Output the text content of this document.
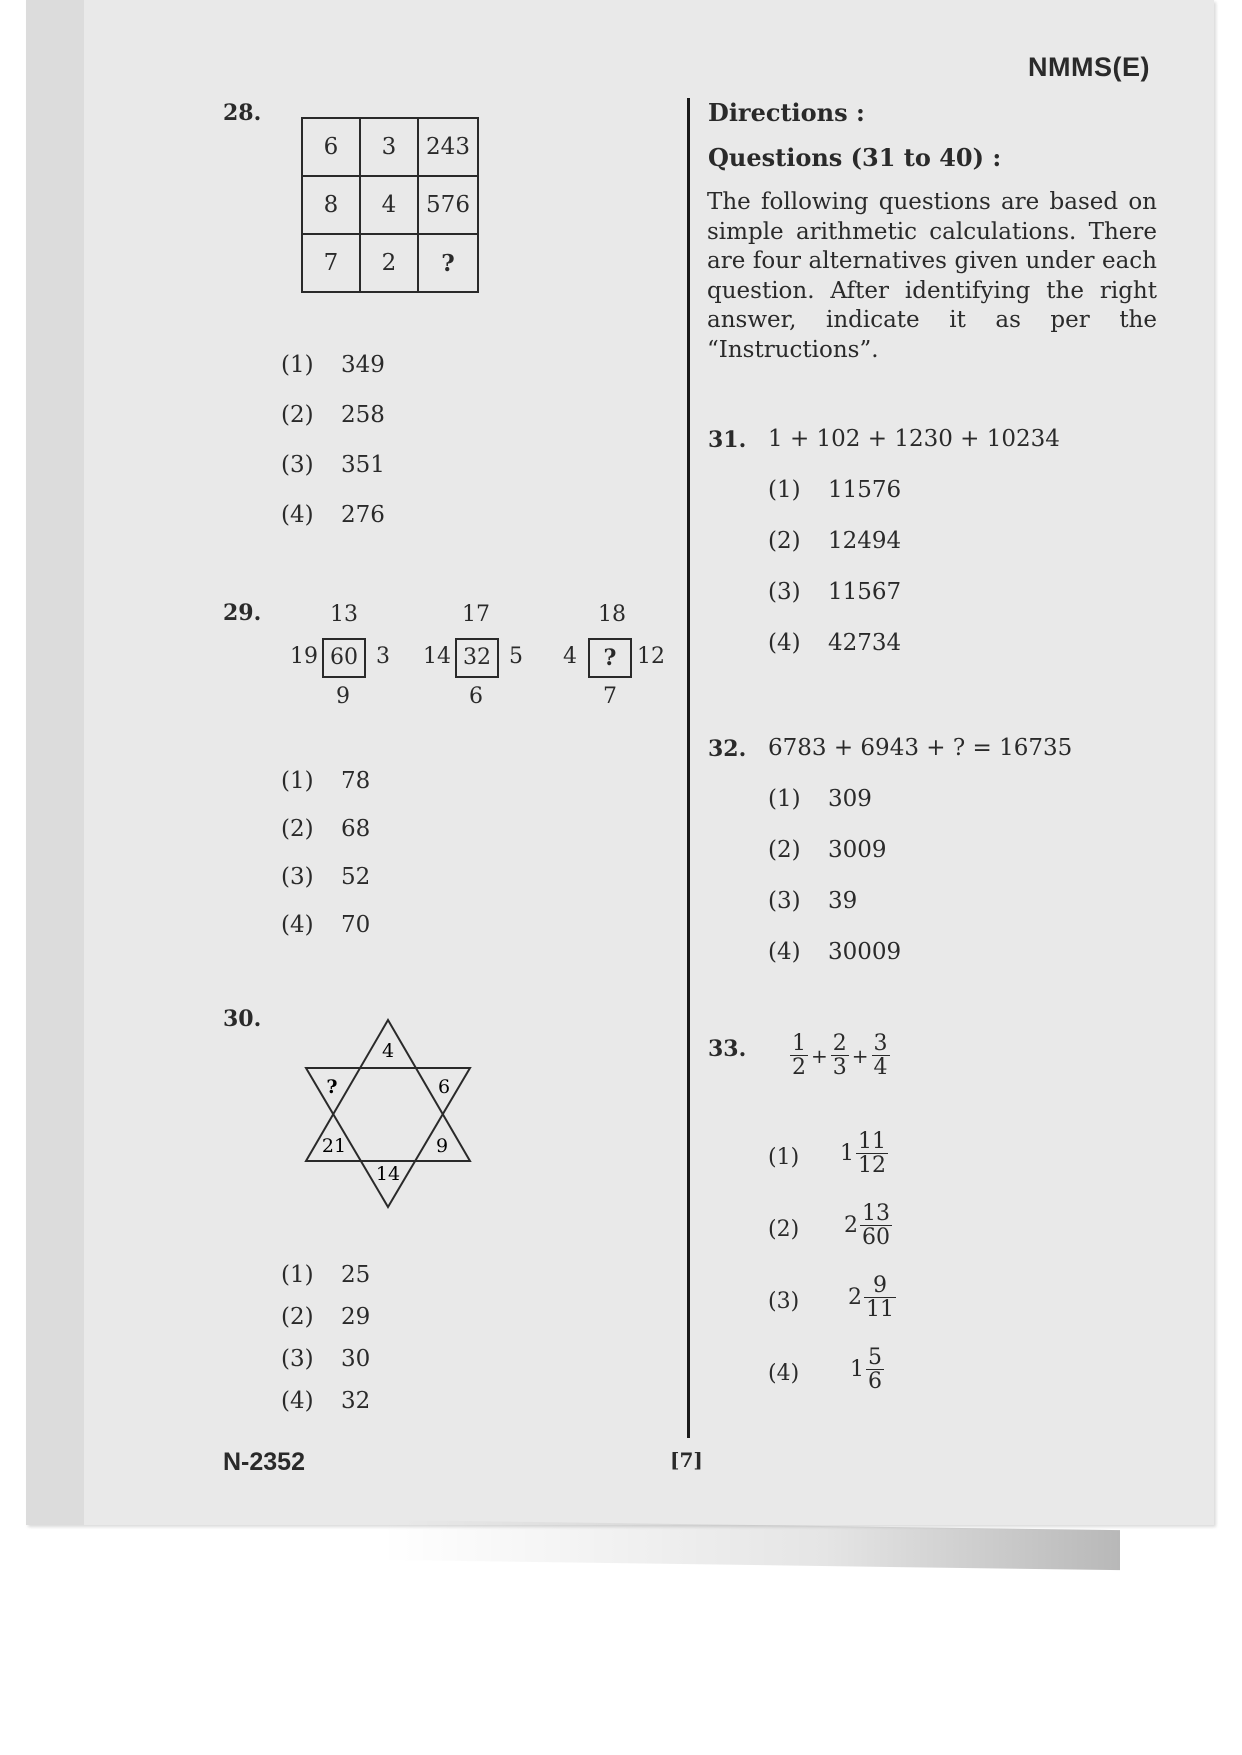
NMMS(E)
28.
6	3	243
8	4	576
7	2	?
(1) 349
(2) 258
(3) 351
(4) 276
29.	13
19 60 3
9
17
14 32 5
6
18
4	? 12
7
(1) 78
(2) 68
(3) 52
(4) 70
30.
4
?	6
21	9
14
(1) 25
(2) 29
(3) 30
(4) 32
Directions :
Questions (31 to 40) :
The following questions are based on simple arithmetic calculations. There are four alternatives given under each question. After identifying the right answer, indicate it as per the “Instructions”.
31. 1 + 102 + 1230 + 10234
(1) 11576
(2) 12494
(3) 11567
(4) 42734
32. 6783 + 6943 + ? = 16735
(1) 309
(2) 3009
(3) 39
(4) 30009
33. $\frac{1}{2} + \frac{2}{3} + \frac{3}{4}$
(1) $1 \frac{11}{12}$
(2) $2 \frac{13}{60}$
(3) $2 \frac{9}{11}$
(4) $1 \frac{5}{6}$
N-2352	[7]
